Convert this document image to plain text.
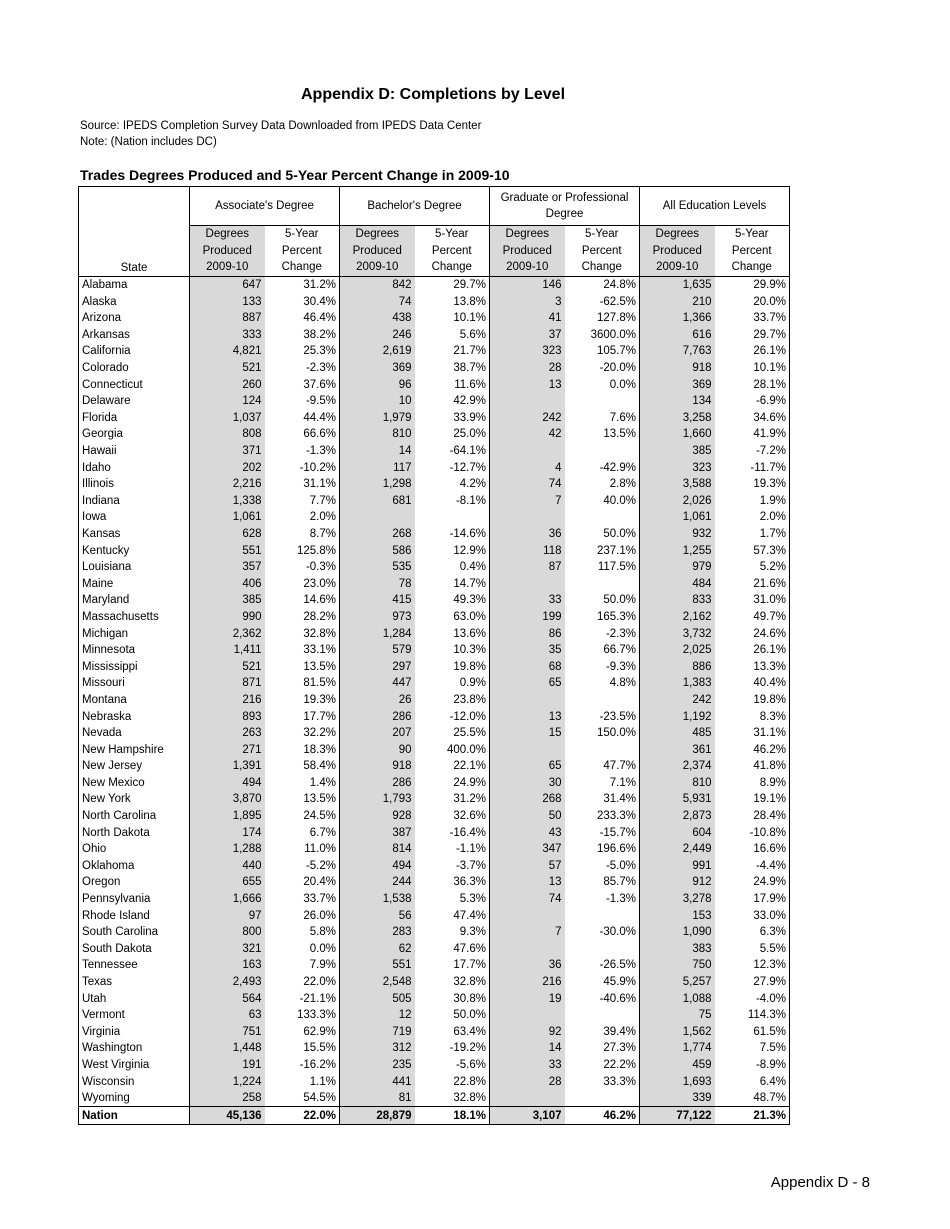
Appendix D: Completions by Level
Source: IPEDS Completion Survey Data Downloaded from IPEDS Data Center
Note: (Nation includes DC)
Trades Degrees Produced and 5-Year Percent Change in 2009-10
	Associate's Degree		Bachelor's Degree		Graduate or Professional Degree		All Education Levels	
	Degrees	5-Year	Degrees	5-Year	Degrees	5-Year	Degrees	5-Year
	Produced	Percent	Produced	Percent	Produced	Percent	Produced	Percent
State	2009-10	Change	2009-10	Change	2009-10	Change	2009-10	Change
Alabama	647	31.2%	842	29.7%	146	24.8%	1,635	29.9%
Alaska	133	30.4%	74	13.8%	3	-62.5%	210	20.0%
Arizona	887	46.4%	438	10.1%	41	127.8%	1,366	33.7%
Arkansas	333	38.2%	246	5.6%	37	3600.0%	616	29.7%
California	4,821	25.3%	2,619	21.7%	323	105.7%	7,763	26.1%
Colorado	521	-2.3%	369	38.7%	28	-20.0%	918	10.1%
Connecticut	260	37.6%	96	11.6%	13	0.0%	369	28.1%
Delaware	124	-9.5%	10	42.9%			134	-6.9%
Florida	1,037	44.4%	1,979	33.9%	242	7.6%	3,258	34.6%
Georgia	808	66.6%	810	25.0%	42	13.5%	1,660	41.9%
Hawaii	371	-1.3%	14	-64.1%			385	-7.2%
Idaho	202	-10.2%	117	-12.7%	4	-42.9%	323	-11.7%
Illinois	2,216	31.1%	1,298	4.2%	74	2.8%	3,588	19.3%
Indiana	1,338	7.7%	681	-8.1%	7	40.0%	2,026	1.9%
Iowa	1,061	2.0%					1,061	2.0%
Kansas	628	8.7%	268	-14.6%	36	50.0%	932	1.7%
Kentucky	551	125.8%	586	12.9%	118	237.1%	1,255	57.3%
Louisiana	357	-0.3%	535	0.4%	87	117.5%	979	5.2%
Maine	406	23.0%	78	14.7%			484	21.6%
Maryland	385	14.6%	415	49.3%	33	50.0%	833	31.0%
Massachusetts	990	28.2%	973	63.0%	199	165.3%	2,162	49.7%
Michigan	2,362	32.8%	1,284	13.6%	86	-2.3%	3,732	24.6%
Minnesota	1,411	33.1%	579	10.3%	35	66.7%	2,025	26.1%
Mississippi	521	13.5%	297	19.8%	68	-9.3%	886	13.3%
Missouri	871	81.5%	447	0.9%	65	4.8%	1,383	40.4%
Montana	216	19.3%	26	23.8%			242	19.8%
Nebraska	893	17.7%	286	-12.0%	13	-23.5%	1,192	8.3%
Nevada	263	32.2%	207	25.5%	15	150.0%	485	31.1%
New Hampshire	271	18.3%	90	400.0%			361	46.2%
New Jersey	1,391	58.4%	918	22.1%	65	47.7%	2,374	41.8%
New Mexico	494	1.4%	286	24.9%	30	7.1%	810	8.9%
New York	3,870	13.5%	1,793	31.2%	268	31.4%	5,931	19.1%
North Carolina	1,895	24.5%	928	32.6%	50	233.3%	2,873	28.4%
North Dakota	174	6.7%	387	-16.4%	43	-15.7%	604	-10.8%
Ohio	1,288	11.0%	814	-1.1%	347	196.6%	2,449	16.6%
Oklahoma	440	-5.2%	494	-3.7%	57	-5.0%	991	-4.4%
Oregon	655	20.4%	244	36.3%	13	85.7%	912	24.9%
Pennsylvania	1,666	33.7%	1,538	5.3%	74	-1.3%	3,278	17.9%
Rhode Island	97	26.0%	56	47.4%			153	33.0%
South Carolina	800	5.8%	283	9.3%	7	-30.0%	1,090	6.3%
South Dakota	321	0.0%	62	47.6%			383	5.5%
Tennessee	163	7.9%	551	17.7%	36	-26.5%	750	12.3%
Texas	2,493	22.0%	2,548	32.8%	216	45.9%	5,257	27.9%
Utah	564	-21.1%	505	30.8%	19	-40.6%	1,088	-4.0%
Vermont	63	133.3%	12	50.0%			75	114.3%
Virginia	751	62.9%	719	63.4%	92	39.4%	1,562	61.5%
Washington	1,448	15.5%	312	-19.2%	14	27.3%	1,774	7.5%
West Virginia	191	-16.2%	235	-5.6%	33	22.2%	459	-8.9%
Wisconsin	1,224	1.1%	441	22.8%	28	33.3%	1,693	6.4%
Wyoming	258	54.5%	81	32.8%			339	48.7%
Nation	45,136	22.0%	28,879	18.1%	3,107	46.2%	77,122	21.3%
Appendix D - 8
